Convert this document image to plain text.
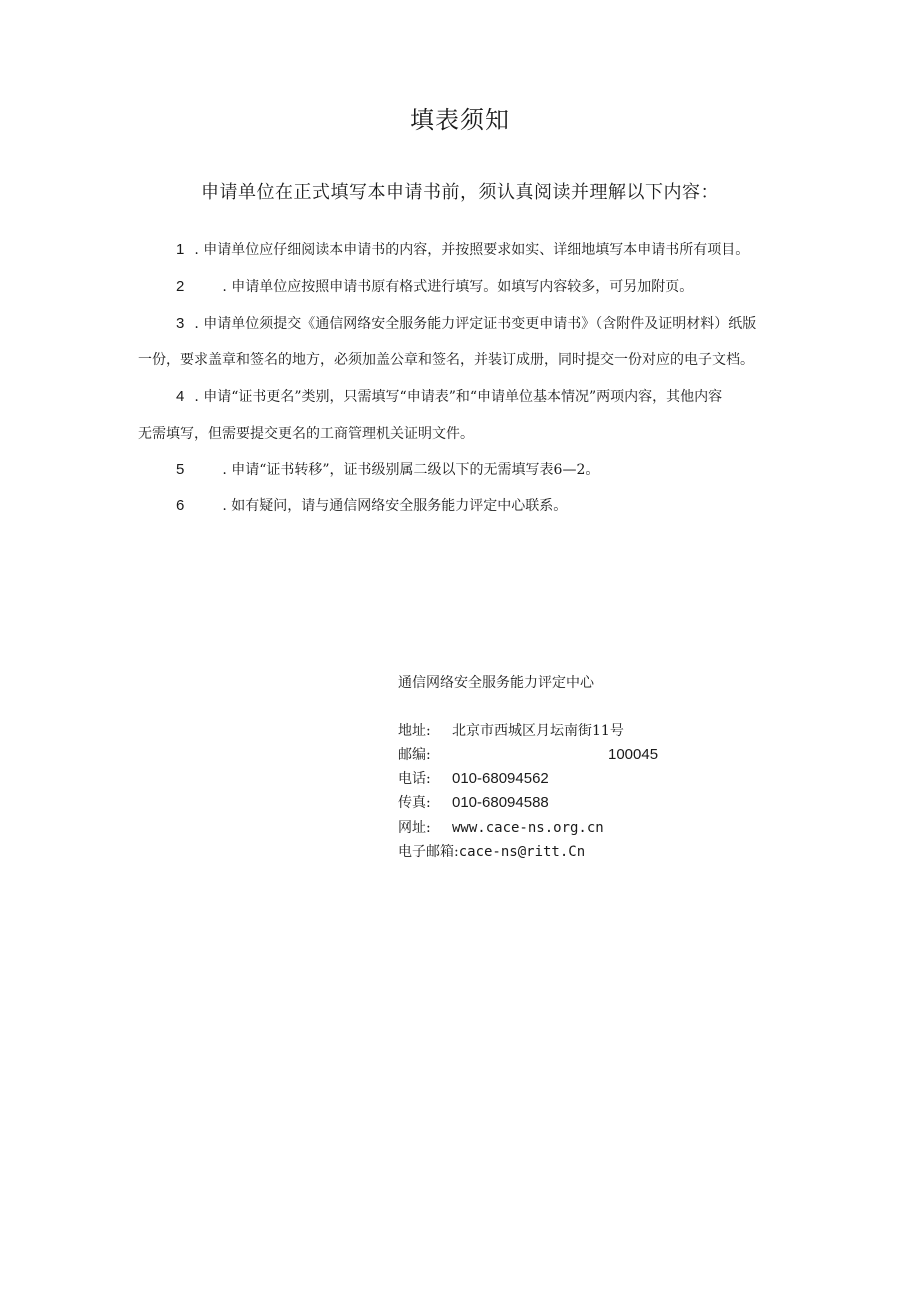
填表须知
申请单位在正式填写本申请书前，须认真阅读并理解以下内容：
1 . 申请单位应仔细阅读本申请书的内容，并按照要求如实、详细地填写本申请书所有项目。
2	. 申请单位应按照申请书原有格式进行填写。如填写内容较多，可另加附页。
3 . 申请单位须提交《通信网络安全服务能力评定证书变更申请书》（含附件及证明材料）纸版
一份，要求盖章和签名的地方，必须加盖公章和签名，并装订成册，同时提交一份对应的电子文档。
4 . 申请“证书更名”类别，只需填写“申请表”和“申请单位基本情况”两项内容，其他内容
无需填写，但需要提交更名的工商管理机关证明文件。
5	. 申请“证书转移”，证书级别属二级以下的无需填写表6—2。
6	. 如有疑问，请与通信网络安全服务能力评定中心联系。
通信网络安全服务能力评定中心
地址: 北京市西城区月坛南街11号
邮编:	100045
电话: 010-68094562
传真: 010-68094588
网址: www.cace-ns.org.cn
电子邮箱:cace-ns@ritt.Cn
